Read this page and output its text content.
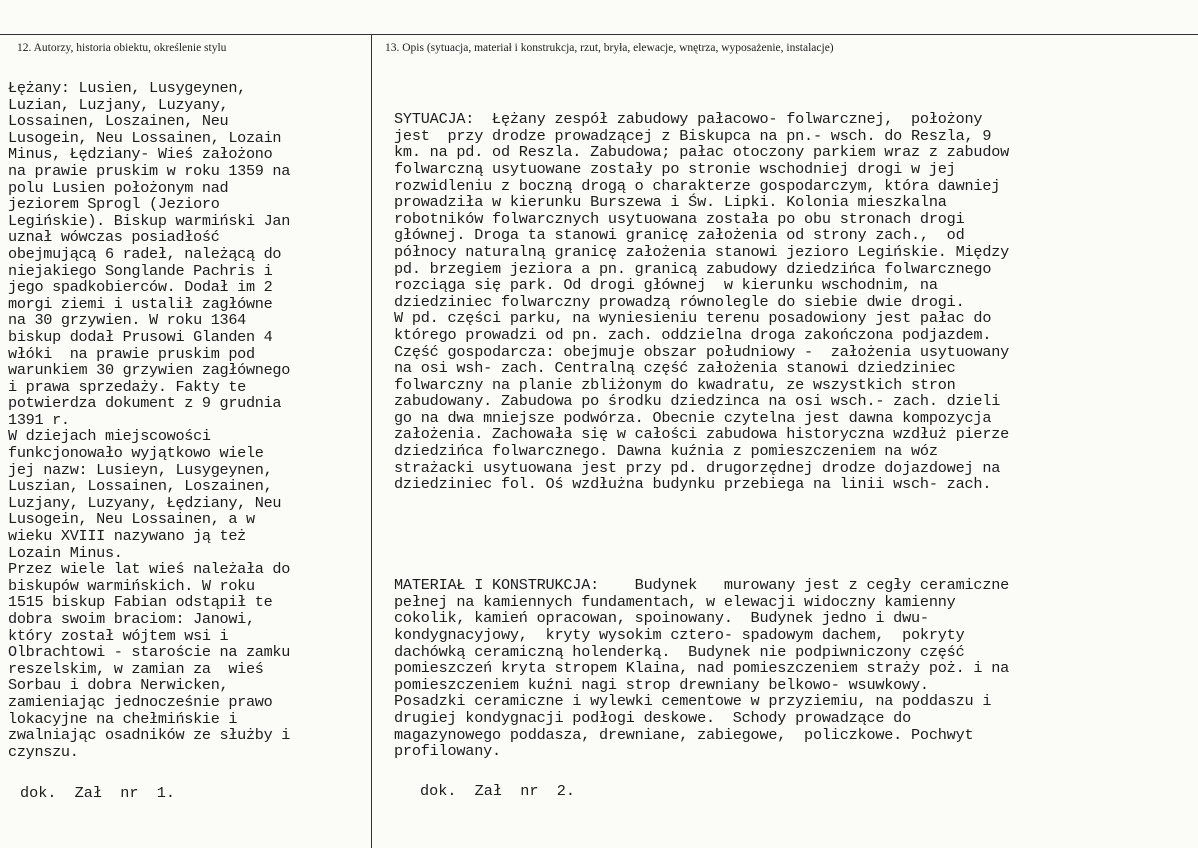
12. Autorzy, historia obiektu, określenie stylu	13. Opis (sytuacja, materiał i konstrukcja, rzut, bryła, elewacje, wnętrza, wyposażenie, instalacje)
Łężany: Lusien, Lusygeynen,
Luzian, Luzjany, Luzyany,
Lossainen, Loszainen, Neu
Lusogein, Neu Lossainen, Lozain
Minus, Łędziany- Wieś założono
na prawie pruskim w roku 1359 na
polu Lusien położonym nad
jeziorem Sprogl (Jezioro
Legińskie). Biskup warmiński Jan
uznał wówczas posiadłość
obejmującą 6 radeł, należącą do
niejakiego Songlande Pachris i
jego spadkobierców. Dodał im 2
morgi ziemi i ustalił zagłówne
na 30 grzywien. W roku 1364
biskup dodał Prusowi Glanden 4
włóki  na prawie pruskim pod
warunkiem 30 grzywien zagłównego
i prawa sprzedaży. Fakty te
potwierdza dokument z 9 grudnia
1391 r.
W dziejach miejscowości
funkcjonowało wyjątkowo wiele
jej nazw: Lusieyn, Lusygeynen,
Luszian, Lossainen, Loszainen,
Luzjany, Luzyany, Łędziany, Neu
Lusogein, Neu Lossainen, a w
wieku XVIII nazywano ją też
Lozain Minus.
Przez wiele lat wieś należała do
biskupów warmińskich. W roku
1515 biskup Fabian odstąpił te
dobra swoim braciom: Janowi,
który został wójtem wsi i
Olbrachtowi - staroście na zamku
reszelskim, w zamian za  wieś
Sorbau i dobra Nerwicken,
zamieniając jednocześnie prawo
lokacyjne na chełmińskie i
zwalniając osadników ze służby i
czynszu.
dok.  Zał  nr  1.

SYTUACJA:  Łężany zespół zabudowy pałacowo- folwarcznej,  położony
jest  przy drodze prowadzącej z Biskupca na pn.- wsch. do Reszla, 9
km. na pd. od Reszla. Zabudowa; pałac otoczony parkiem wraz z zabudow
folwarczną usytuowane zostały po stronie wschodniej drogi w jej
rozwidleniu z boczną drogą o charakterze gospodarczym, która dawniej
prowadziła w kierunku Burszewa i Św. Lipki. Kolonia mieszkalna
robotników folwarcznych usytuowana została po obu stronach drogi
głównej. Droga ta stanowi granicę założenia od strony zach.,  od
północy naturalną granicę założenia stanowi jezioro Legińskie. Między
pd. brzegiem jeziora a pn. granicą zabudowy dziedzińca folwarcznego
rozciąga się park. Od drogi głównej  w kierunku wschodnim, na
dziedziniec folwarczny prowadzą równolegle do siebie dwie drogi.
W pd. części parku, na wyniesieniu terenu posadowiony jest pałac do
którego prowadzi od pn. zach. oddzielna droga zakończona podjazdem.
Część gospodarcza: obejmuje obszar południowy -  założenia usytuowany
na osi wsh- zach. Centralną część założenia stanowi dziedziniec
folwarczny na planie zbliżonym do kwadratu, ze wszystkich stron
zabudowany. Zabudowa po środku dziedzinca na osi wsch.- zach. dzieli
go na dwa mniejsze podwórza. Obecnie czytelna jest dawna kompozycja
założenia. Zachowała się w całości zabudowa historyczna wzdłuż pierze
dziedzińca folwarcznego. Dawna kuźnia z pomieszczeniem na wóz
strażacki usytuowana jest przy pd. drugorzędnej drodze dojazdowej na
dziedziniec fol. Oś wzdłużna budynku przebiega na linii wsch- zach.

MATERIAŁ I KONSTRUKCJA:    Budynek   murowany jest z cegły ceramiczne
pełnej na kamiennych fundamentach, w elewacji widoczny kamienny
cokolik, kamień opracowan, spoinowany.  Budynek jedno i dwu-
kondygnacyjowy,  kryty wysokim cztero- spadowym dachem,  pokryty
dachówką ceramiczną holenderką.  Budynek nie podpiwniczony część
pomieszczeń kryta stropem Klaina, nad pomieszczeniem straży poż. i na
pomieszczeniem kuźni nagi strop drewniany belkowo- wsuwkowy.
Posadzki ceramiczne i wylewki cementowe w przyziemiu, na poddaszu i
drugiej kondygnacji podłogi deskowe.  Schody prowadzące do
magazynowego poddasza, drewniane, zabiegowe,  policzkowe. Pochwyt
profilowany.

dok.  Zał  nr  2.
